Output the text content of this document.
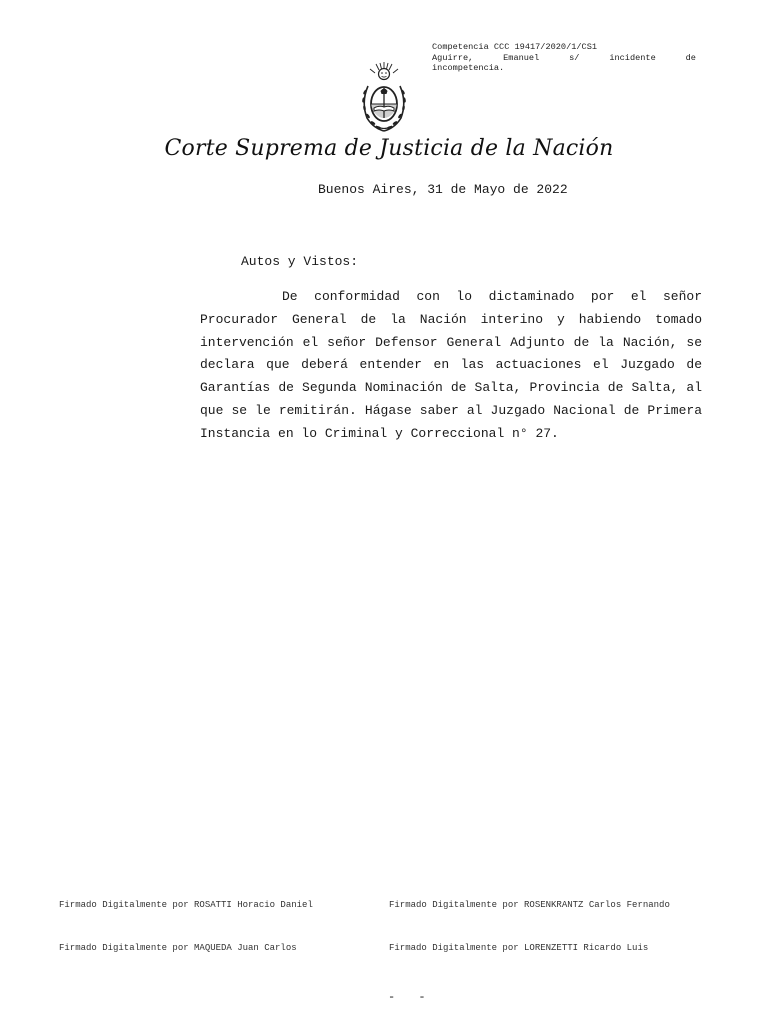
Competencia CCC 19417/2020/1/CS1
Aguirre,	Emanuel	s/	incidente	de
incompetencia.
Corte Suprema de Justicia de la Nación
Buenos Aires, 31 de Mayo de 2022
Autos y Vistos:

De conformidad con lo dictaminado por el señor Procurador General de la Nación interino y habiendo tomado intervención el señor Defensor General Adjunto de la Nación, se declara que deberá entender en las actuaciones el Juzgado de Garantías de Segunda Nominación de Salta, Provincia de Salta, al que se le remitirán. Hágase saber al Juzgado Nacional de Primera Instancia en lo Criminal y Correccional n° 27.

Firmado Digitalmente por ROSATTI Horacio Daniel	Firmado Digitalmente por ROSENKRANTZ Carlos Fernando
Firmado Digitalmente por MAQUEDA Juan Carlos	Firmado Digitalmente por LORENZETTI Ricardo Luis
- -
